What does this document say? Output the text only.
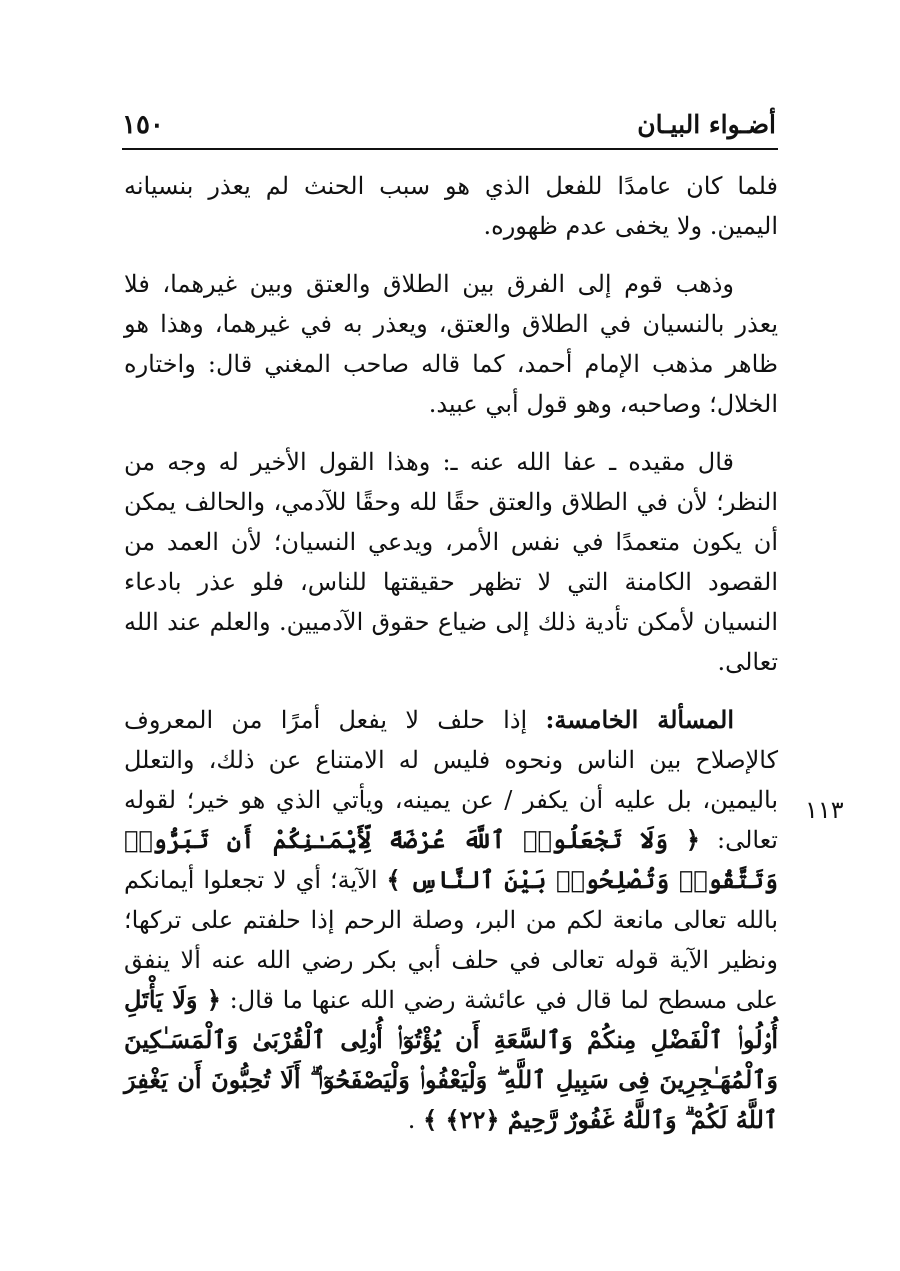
١٥٠	أضـواء البيـان
١١٣

فلما كان عامدًا للفعل الذي هو سبب الحنث لم يعذر بنسيانه اليمين. ولا يخفى عدم ظهوره.

وذهب قوم إلى الفرق بين الطلاق والعتق وبين غيرهما، فلا يعذر بالنسيان في الطلاق والعتق، ويعذر به في غيرهما، وهذا هو ظاهر مذهب الإمام أحمد، كما قاله صاحب المغني قال: واختاره الخلال؛ وصاحبه، وهو قول أبي عبيد.

قال مقيده ـ عفا الله عنه ـ: وهذا القول الأخير له وجه من النظر؛ لأن في الطلاق والعتق حقًا لله وحقًا للآدمي، والحالف يمكن أن يكون متعمدًا في نفس الأمر، ويدعي النسيان؛ لأن العمد من القصود الكامنة التي لا تظهر حقيقتها للناس، فلو عذر بادعاء النسيان لأمكن تأدية ذلك إلى ضياع حقوق الآدميين. والعلم عند الله تعالى.

المسألة الخامسة: إذا حلف لا يفعل أمرًا من المعروف كالإصلاح بين الناس ونحوه فليس له الامتناع عن ذلك، والتعلل باليمين، بل عليه أن يكفر / عن يمينه، ويأتي الذي هو خير؛ لقوله تعالى: ﴿ وَلَا تَجْعَلُوا۟ ٱللَّهَ عُرْضَةً لِّأَيْمَـٰنِكُمْ أَن تَبَرُّوا۟ وَتَتَّقُوا۟ وَتُصْلِحُوا۟ بَيْنَ ٱلنَّاسِ ﴾ الآية؛ أي لا تجعلوا أيمانكم بالله تعالى مانعة لكم من البر، وصلة الرحم إذا حلفتم على تركها؛ ونظير الآية قوله تعالى في حلف أبي بكر رضي الله عنه ألا ينفق على مسطح لما قال في عائشة رضي الله عنها ما قال: ﴿ وَلَا يَأْتَلِ أُو۟لُوا۟ ٱلْفَضْلِ مِنكُمْ وَٱلسَّعَةِ أَن يُؤْتُوٓا۟ أُو۟لِى ٱلْقُرْبَىٰ وَٱلْمَسَـٰكِينَ وَٱلْمُهَـٰجِرِينَ فِى سَبِيلِ ٱللَّهِ ۖ وَلْيَعْفُوا۟ وَلْيَصْفَحُوٓا۟ ۗ أَلَا تُحِبُّونَ أَن يَغْفِرَ ٱللَّهُ لَكُمْ ۗ وَٱللَّهُ غَفُورٌ رَّحِيمٌ ﴿٢٢﴾ ﴾ .
